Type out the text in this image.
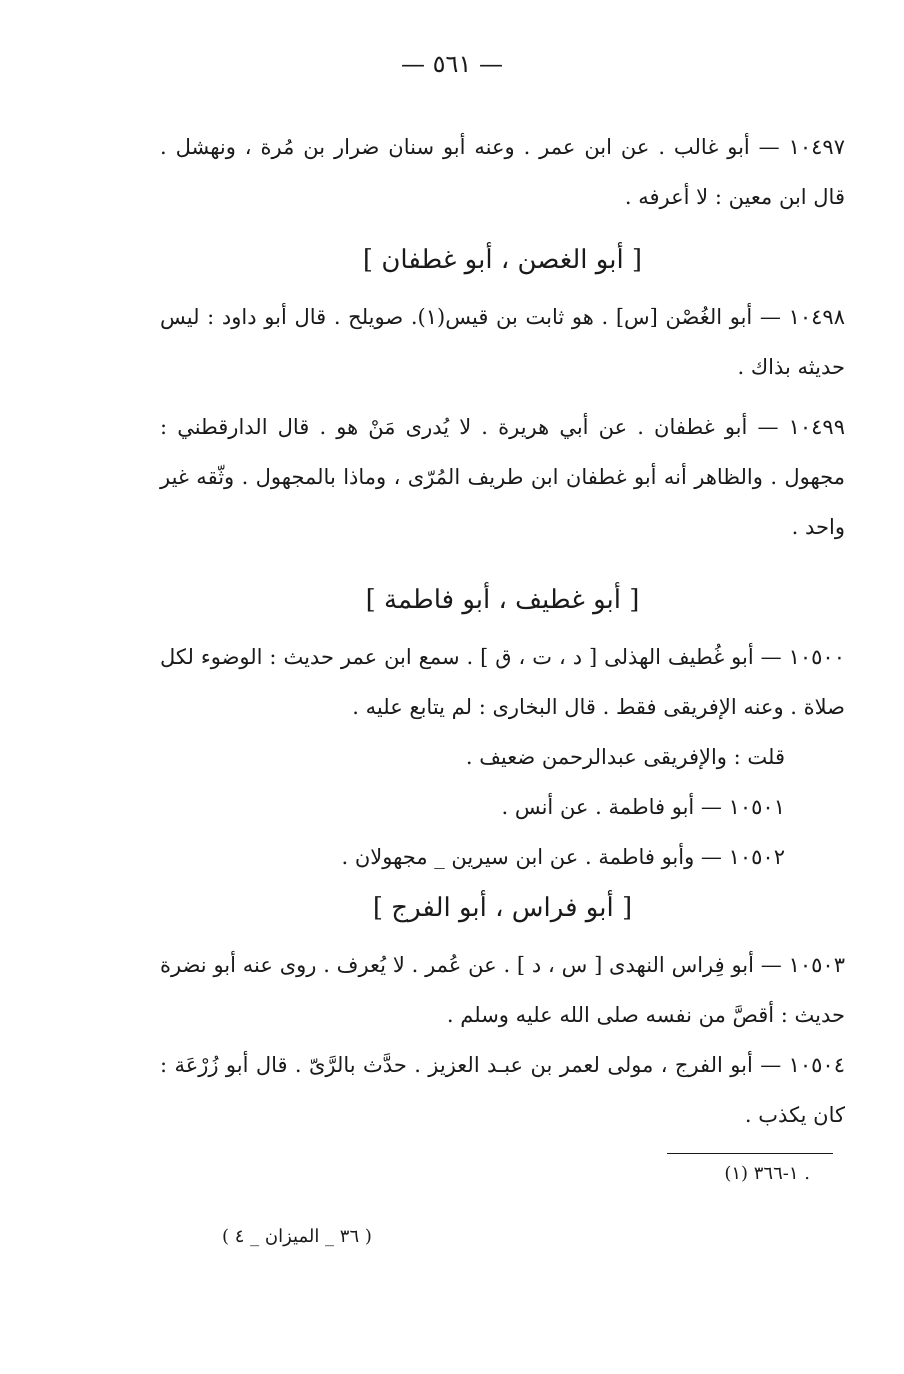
— ٥٦١ —

١٠٤٩٧ — أبو غالب . عن ابن عمر . وعنه أبو سنان ضرار بن مُرة ، ونهشل . قال ابن معين : لا أعرفه .

[ أبو الغصن ، أبو غطفان ]

١٠٤٩٨ — أبو الغُصْن [س] . هو ثابت بن قيس(١). صويلح . قال أبو داود : ليس حديثه بذاك .

١٠٤٩٩ — أبو غطفان . عن أبي هريرة . لا يُدرى مَنْ هو . قال الدارقطني : مجهول . والظاهر أنه أبو غطفان ابن طريف المُرّى ، وماذا بالمجهول . وثّقه غير واحد .

[ أبو غطيف ، أبو فاطمة ]

١٠٥٠٠ — أبو غُطيف الهذلى [ د ، ت ، ق ] . سمع ابن عمر حديث : الوضوء لكل صلاة . وعنه الإفريقى فقط . قال البخارى : لم يتابع عليه .

قلت : والإفريقى عبدالرحمن ضعيف .

١٠٥٠١ — أبو فاطمة . عن أنس .

١٠٥٠٢ — وأبو فاطمة . عن ابن سيرين _ مجهولان .

[ أبو فراس ، أبو الفرج ]

١٠٥٠٣ — أبو فِراس النهدى [ س ، د ] . عن عُمر . لا يُعرف . روى عنه أبو نضرة حديث : أقصَّ من نفسه صلى الله عليه وسلم .

١٠٥٠٤ — أبو الفرج ، مولى لعمر بن عبـد العزيز . حدَّث بالرَّىّ . قال أبو زُرْعَة : كان يكذب .

(١) ١-٣٦٦ .
( ٣٦ _ الميزان _ ٤ )
